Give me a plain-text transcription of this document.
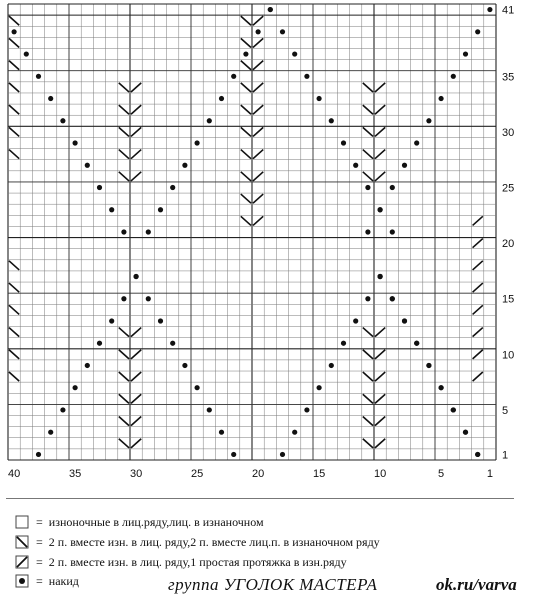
1
5
10
15
20
25
30
35
41
40	35	30	25	20	15	10	5	1
= изноночные в лиц.ряду,лиц. в изнаночном
= 2 п. вместе изн. в лиц. ряду,2 п. вместе лиц.п. в изнаночном ряду
= 2 п. вместе изн. в лиц. ряду,1 простая протяжка в изн.ряду
= накид	группа УГОЛОК МАСТЕРА	ok.ru/varva
